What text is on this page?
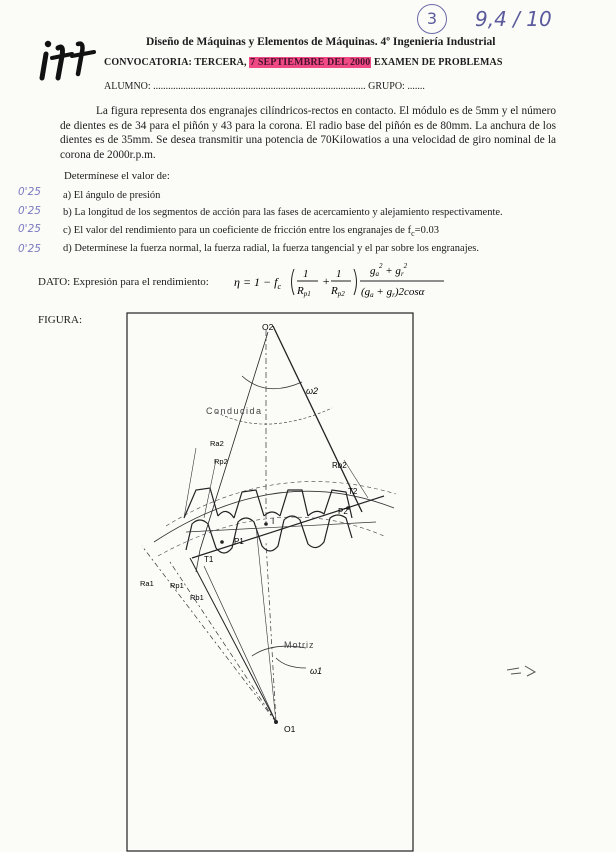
Diseño de Máquinas y Elementos de Máquinas. 4º Ingeniería Industrial
CONVOCATORIA: TERCERA, 7 SEPTIEMBRE DEL 2000 EXAMEN DE PROBLEMAS
ALUMNO: ..................................................................................... GRUPO: .......
3	9,4 / 10
La figura representa dos engranajes cilíndricos-rectos en contacto. El módulo es de 5mm y el número de dientes es de 34 para el piñón y 43 para la corona. El radio base del piñón es de 80mm. La anchura de los dientes es de 35mm. Se desea transmitir una potencia de 70Kilowatios a una velocidad de giro nominal de la corona de 2000r.p.m.
Determínese el valor de:
0'25
0'25
0'25
0'25
a) El ángulo de presión
b) La longitud de los segmentos de acción para las fases de acercamiento y alejamiento respectivamente.
c) El valor del rendimiento para un coeficiente de fricción entre los engranajes de $f_c=0.03$
d) Determínese la fuerza normal, la fuerza radial, la fuerza tangencial y el par sobre los engranajes.
DATO: Expresión para el rendimiento: $\eta = 1 - f_c$
1
Rp1
+ 1
Rp2
$ga^2 + gr^2$
(ga + gr)2cosα
FIGURA:
Rb2
Ra2
Rp2
O2
O1
ω2
ω1
Conducida
Motriz
Ra1 Rp1
Rb1
P1
P2
T1
T2
I
